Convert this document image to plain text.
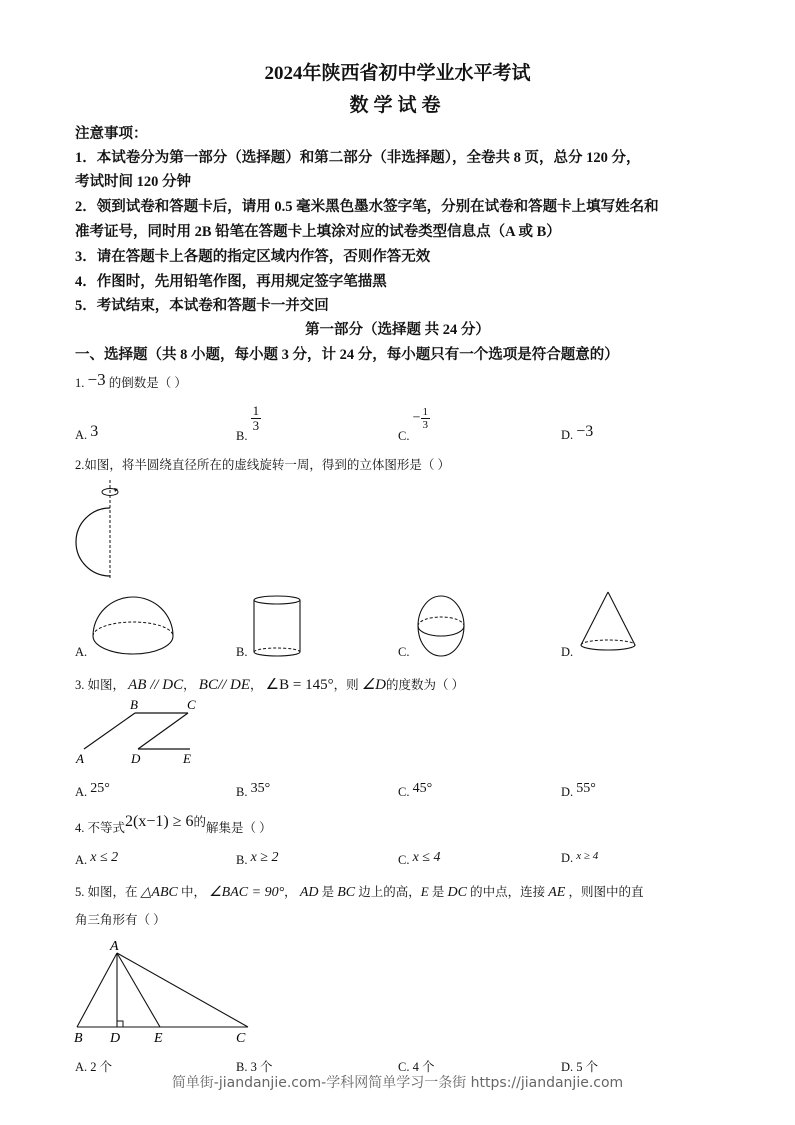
2024年陕西省初中学业水平考试
数学试卷
注意事项：
1．本试卷分为第一部分（选择题）和第二部分（非选择题），全卷共 8 页，总分 120 分，
考试时间 120 分钟
2．领到试卷和答题卡后，请用 0.5 毫米黑色墨水签字笔，分别在试卷和答题卡上填写姓名和
准考证号，同时用 2B 铅笔在答题卡上填涂对应的试卷类型信息点（A 或 B）
3．请在答题卡上各题的指定区域内作答，否则作答无效
4．作图时，先用铅笔作图，再用规定签字笔描黑
5．考试结束，本试卷和答题卡一并交回
第一部分（选择题 共 24 分）
一、选择题（共 8 小题，每小题 3 分，计 24 分，每小题只有一个选项是符合题意的）
1. −3 的倒数是（ ）
A. 3	B.
$\frac{1}{3}$
C. − $\frac{1}{3}$
D. −3
2.如图，将半圆绕直径所在的虚线旋转一周，得到的立体图形是（ ）
A.	B.	C.	D.
3. 如图， AB // DC， BC// DE， ∠B = 145°，则 ∠D的度数为（ ）
A
B	C
D	E
A. 25°	B. 35°	C. 45°	D. 55°
4. 不等式2(x−1) ≥ 6的解集是（ ）
A. x ≤ 2	B. x ≥ 2	C. x ≤ 4	D. x ≥ 4
5. 如图，在 △ABC 中， ∠BAC = 90°， AD 是 BC 边上的高，E 是 DC 的中点，连接 AE ，则图中的直
角三角形有（ ）
A
B D E	C
A. 2 个	B. 3 个	C. 4 个	D. 5 个
简单街-jiandanjie.com-学科网简单学习一条街 https://jiandanjie.com
